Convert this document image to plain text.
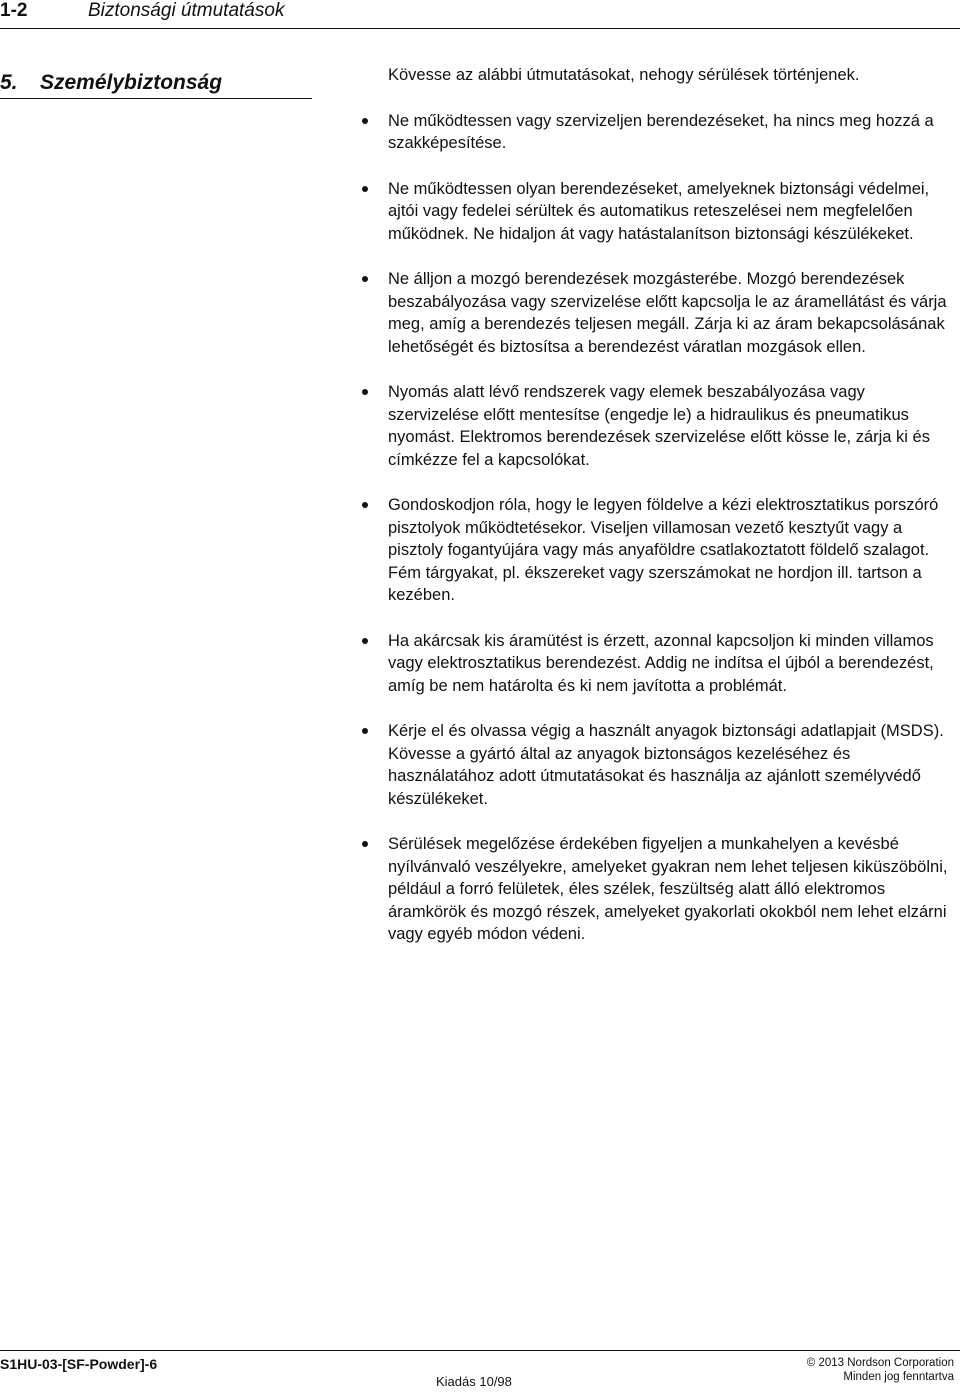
1-2	Biztonsági útmutatások
5. Személybiztonság	Kövesse az alábbi útmutatásokat, nehogy sérülések történjenek.

Ne működtessen vagy szervizeljen berendezéseket, ha nincs meg hozzá a szakképesítése.
Ne működtessen olyan berendezéseket, amelyeknek biztonsági védelmei, ajtói vagy fedelei sérültek és automatikus reteszelései nem megfelelően működnek. Ne hidaljon át vagy hatástalanítson biztonsági készülékeket.
Ne álljon a mozgó berendezések mozgásterébe. Mozgó berendezések beszabályozása vagy szervizelése előtt kapcsolja le az áramellátást és várja meg, amíg a berendezés teljesen megáll. Zárja ki az áram bekapcsolásának lehetőségét és biztosítsa a berendezést váratlan mozgások ellen.
Nyomás alatt lévő rendszerek vagy elemek beszabályozása vagy szervizelése előtt mentesítse (engedje le) a hidraulikus és pneumatikus nyomást. Elektromos berendezések szervizelése előtt kösse le, zárja ki és címkézze fel a kapcsolókat.
Gondoskodjon róla, hogy le legyen földelve a kézi elektrosztatikus porszóró pisztolyok működtetésekor. Viseljen villamosan vezető kesztyűt vagy a pisztoly fogantyújára vagy más anyaföldre csatlakoztatott földelő szalagot. Fém tárgyakat, pl. ékszereket vagy szerszámokat ne hordjon ill. tartson a kezében.
Ha akárcsak kis áramütést is érzett, azonnal kapcsoljon ki minden villamos vagy elektrosztatikus berendezést. Addig ne indítsa el újból a berendezést, amíg be nem határolta és ki nem javította a problémát.
Kérje el és olvassa végig a használt anyagok biztonsági adatlapjait (MSDS). Kövesse a gyártó által az anyagok biztonságos kezeléséhez és használatához adott útmutatásokat és használja az ajánlott személyvédő készülékeket.
Sérülések megelőzése érdekében figyeljen a munkahelyen a kevésbé nyílvánvaló veszélyekre, amelyeket gyakran nem lehet teljesen kiküszöbölni, például a forró felületek, éles szélek, feszültség alatt álló elektromos áramkörök és mozgó részek, amelyeket gyakorlati okokból nem lehet elzárni vagy egyéb módon védeni.
S1HU-03-[SF-Powder]-6
Kiadás 10/98
© 2013 Nordson Corporation
Minden jog fenntartva
